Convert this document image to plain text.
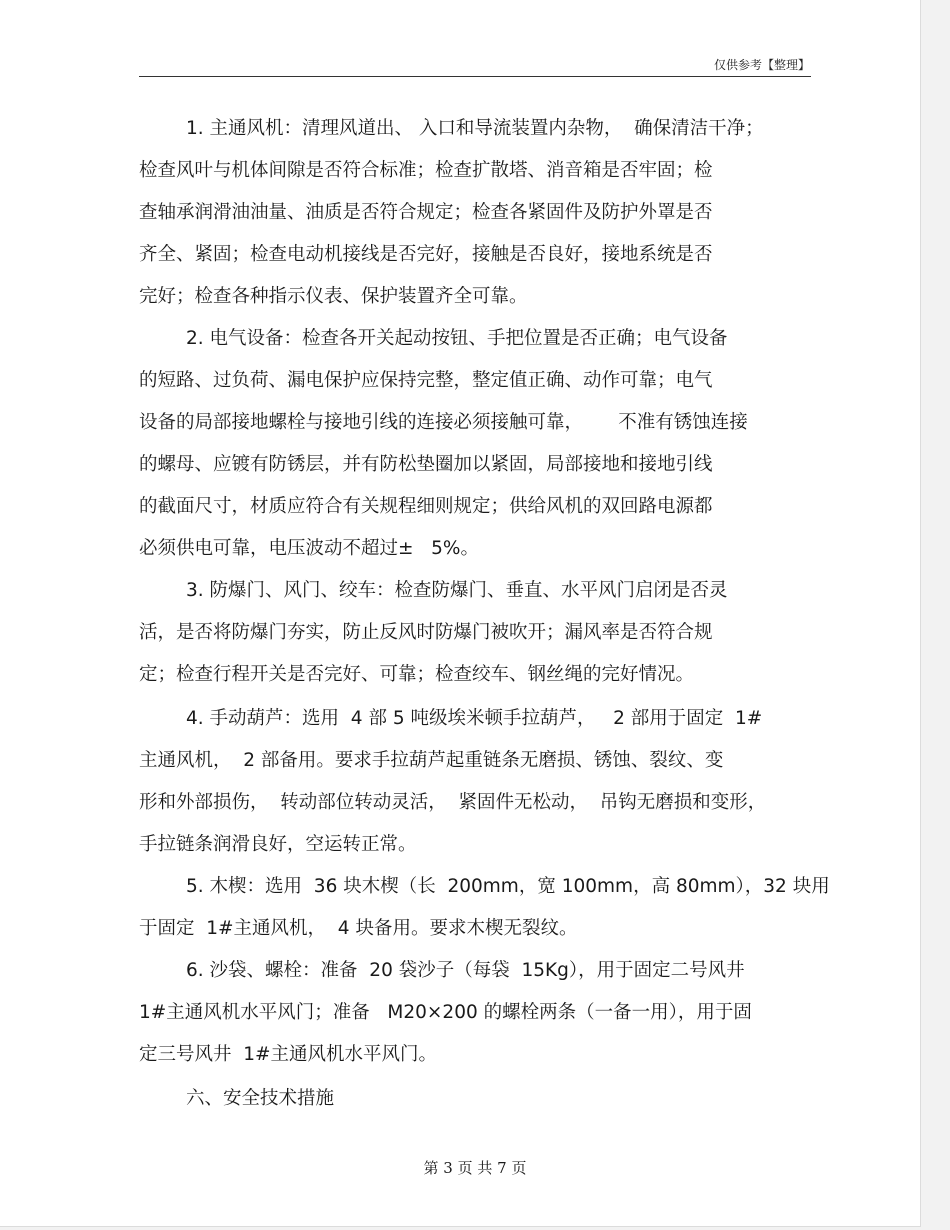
仅供参考【整理】
1. 主通风机：清理风道出、 入口和导流装置内杂物，  确保清洁干净；
检查风叶与机体间隙是否符合标准；检查扩散塔、消音箱是否牢固；检
查轴承润滑油油量、油质是否符合规定；检查各紧固件及防护外罩是否
齐全、紧固；检查电动机接线是否完好，接触是否良好，接地系统是否
完好；检查各种指示仪表、保护装置齐全可靠。
2. 电气设备：检查各开关起动按钮、手把位置是否正确；电气设备
的短路、过负荷、漏电保护应保持完整，整定值正确、动作可靠；电气
设备的局部接地螺栓与接地引线的连接必须接触可靠，      不准有锈蚀连接
的螺母、应镀有防锈层，并有防松垫圈加以紧固，局部接地和接地引线
的截面尺寸，材质应符合有关规程细则规定；供给风机的双回路电源都
必须供电可靠，电压波动不超过±   5%。
3. 防爆门、风门、绞车：检查防爆门、垂直、水平风门启闭是否灵
活，是否将防爆门夯实，防止反风时防爆门被吹开；漏风率是否符合规
定；检查行程开关是否完好、可靠；检查绞车、钢丝绳的完好情况。
4. 手动葫芦：选用  4 部 5 吨级埃米顿手拉葫芦，   2 部用于固定  1#
主通风机，  2 部备用。要求手拉葫芦起重链条无磨损、锈蚀、裂纹、变
形和外部损伤，  转动部位转动灵活，  紧固件无松动，  吊钩无磨损和变形，
手拉链条润滑良好，空运转正常。
5. 木楔：选用  36 块木楔（长  200mm，宽 100mm，高 80mm），32 块用
于固定  1#主通风机，  4 块备用。要求木楔无裂纹。
6. 沙袋、螺栓：准备  20 袋沙子（每袋  15Kg），用于固定二号风井
1#主通风机水平风门；准备   M20×200 的螺栓两条（一备一用），用于固
定三号风井  1#主通风机水平风门。
六、安全技术措施
第 3 页 共 7 页
